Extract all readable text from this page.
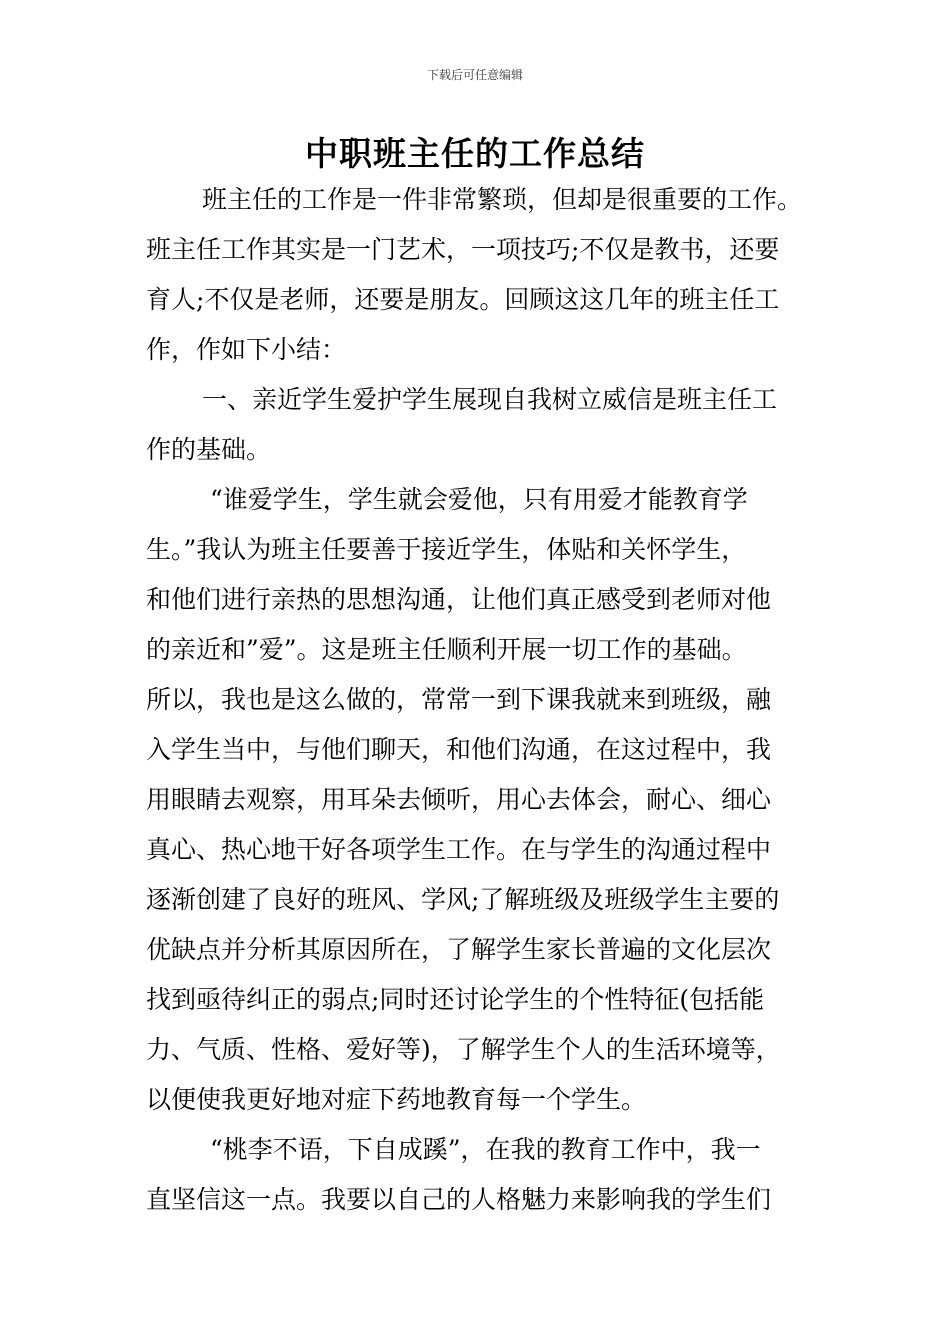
下载后可任意编辑
中职班主任的工作总结
班主任的工作是一件非常繁琐，但却是很重要的工作。
班主任工作其实是一门艺术，一项技巧;不仅是教书，还要
育人;不仅是老师，还要是朋友。回顾这这几年的班主任工
作，作如下小结：
一、亲近学生爱护学生展现自我树立威信是班主任工
作的基础。
“谁爱学生，学生就会爱他，只有用爱才能教育学
生。”我认为班主任要善于接近学生，体贴和关怀学生，
和他们进行亲热的思想沟通，让他们真正感受到老师对他
的亲近和”爱”。这是班主任顺利开展一切工作的基础。
所以，我也是这么做的，常常一到下课我就来到班级，融
入学生当中，与他们聊天，和他们沟通，在这过程中，我
用眼睛去观察，用耳朵去倾听，用心去体会，耐心、细心
真心、热心地干好各项学生工作。在与学生的沟通过程中
逐渐创建了良好的班风、学风;了解班级及班级学生主要的
优缺点并分析其原因所在，了解学生家长普遍的文化层次
找到亟待纠正的弱点;同时还讨论学生的个性特征(包括能
力、气质、性格、爱好等)，了解学生个人的生活环境等，
以便使我更好地对症下药地教育每一个学生。
“桃李不语，下自成蹊”，在我的教育工作中，我一
直坚信这一点。我要以自己的人格魅力来影响我的学生们
